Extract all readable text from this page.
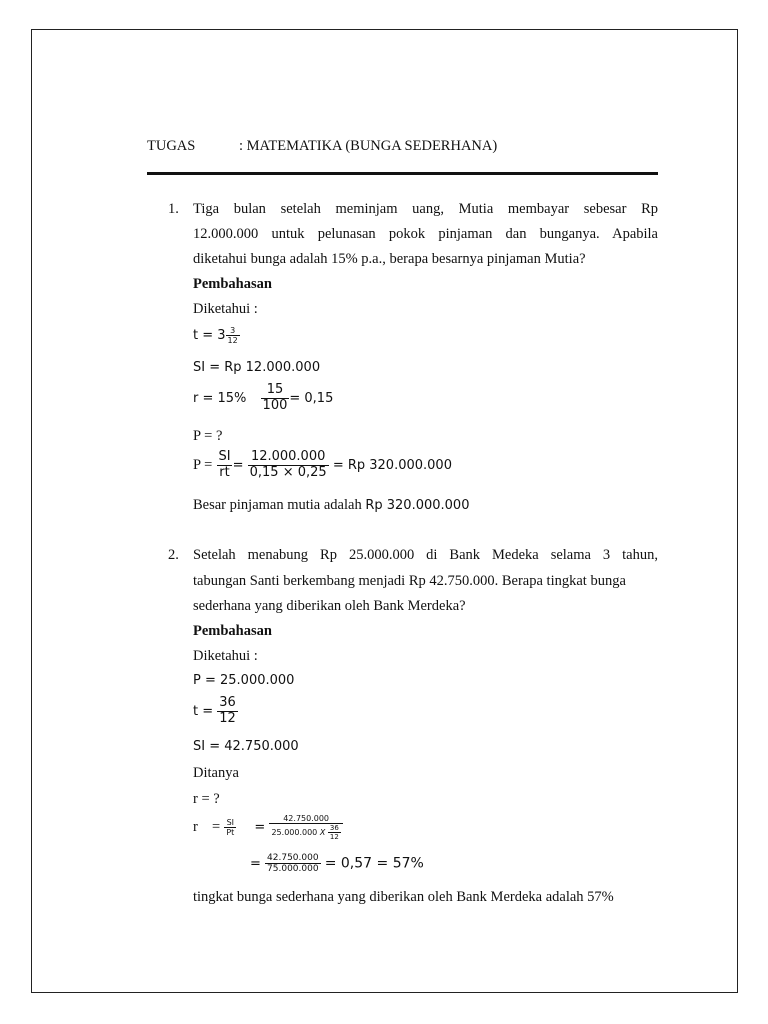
TUGAS	: MATEMATIKA (BUNGA SEDERHANA)
1. Tiga bulan setelah meminjam uang, Mutia membayar sebesar Rp
12.000.000 untuk pelunasan pokok pinjaman dan bunganya. Apabila
diketahui bunga adalah 15% p.a., berapa besarnya pinjaman Mutia?
Pembahasan
Diketahui :
$t = 3 \frac{3}{12}$
SI = Rp 12.000.000
$r = 15\% \frac{15}{100} = 0,15$
P = ?
$P = \frac{SI}{rt} = \frac{12.000.000}{0,15 \times 0,25} = Rp$ 320.000.000
Besar pinjaman mutia adalah Rp 320.000.000
2. Setelah menabung Rp 25.000.000 di Bank Medeka selama 3 tahun,
tabungan Santi berkembang menjadi Rp 42.750.000. Berapa tingkat bunga
sederhana yang diberikan oleh Bank Merdeka?
Pembahasan
Diketahui :
P = 25.000.000
$t = \frac{36}{12}$
SI = 42.750.000
Ditanya
r = ?
$r = \frac{SI}{Pt} = \frac{42.750.000}{25.000.000 X \frac{36}{12}}$
= $\frac{42.750.000}{75.000.000} = 0,57 = 57\%$
tingkat bunga sederhana yang diberikan oleh Bank Merdeka adalah 57%
